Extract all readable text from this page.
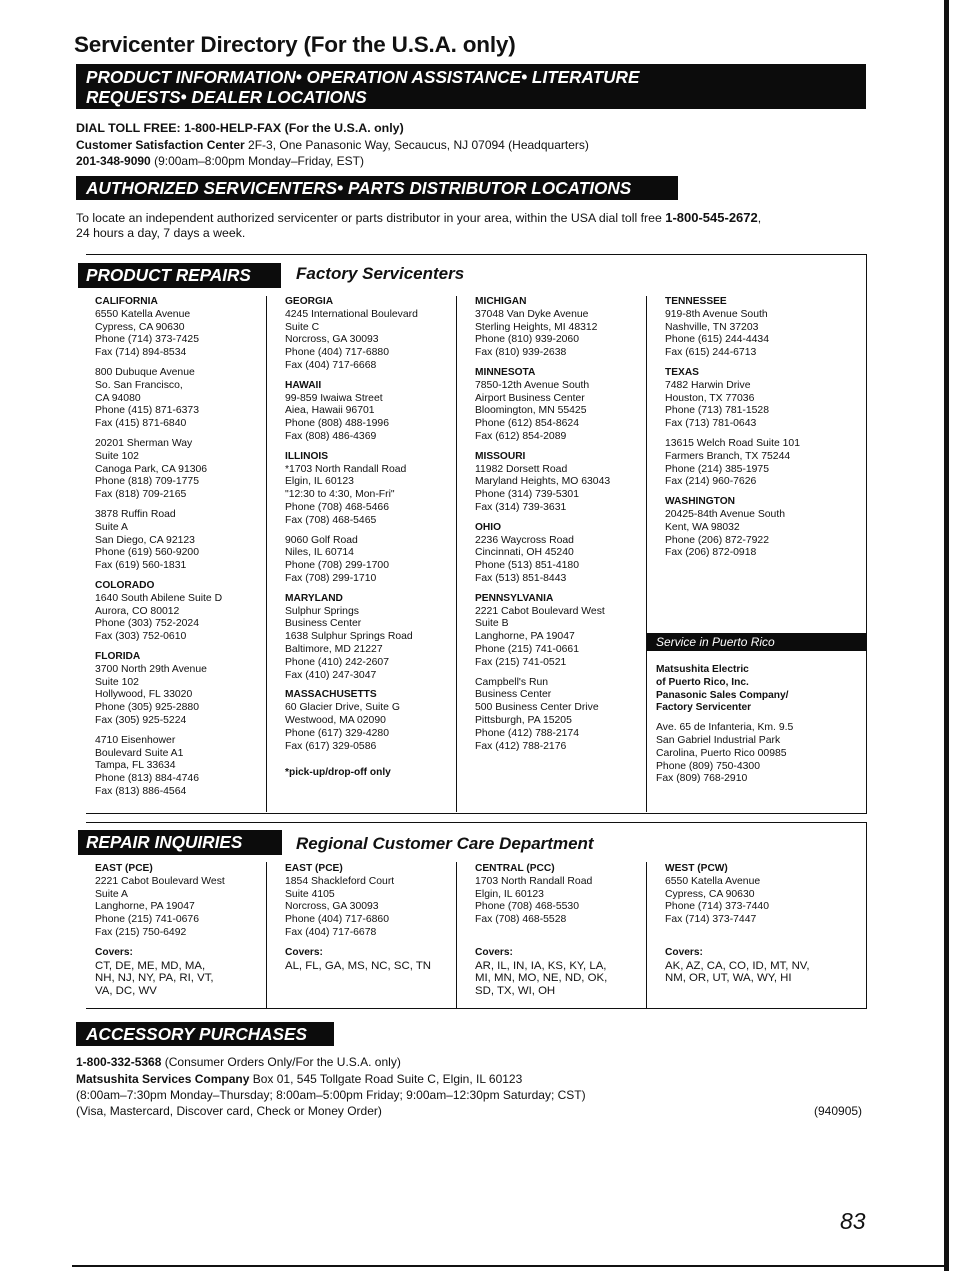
Servicenter Directory (For the U.S.A. only)
PRODUCT INFORMATION• OPERATION ASSISTANCE• LITERATURE
REQUESTS• DEALER LOCATIONS
DIAL TOLL FREE: 1-800-HELP-FAX (For the U.S.A. only)
Customer Satisfaction Center 2F-3, One Panasonic Way, Secaucus, NJ 07094 (Headquarters)
201-348-9090 (9:00am–8:00pm Monday–Friday, EST)
AUTHORIZED SERVICENTERS• PARTS DISTRIBUTOR LOCATIONS
To locate an independent authorized servicenter or parts distributor in your area, within the USA dial toll free 1-800-545-2672,
24 hours a day, 7 days a week.
PRODUCT REPAIRS	Factory Servicenters
CALIFORNIA
6550 Katella Avenue
Cypress, CA 90630
Phone (714) 373-7425
Fax (714) 894-8534
800 Dubuque Avenue
So. San Francisco,
CA 94080
Phone (415) 871-6373
Fax (415) 871-6840
20201 Sherman Way
Suite 102
Canoga Park, CA 91306
Phone (818) 709-1775
Fax (818) 709-2165
3878 Ruffin Road
Suite A
San Diego, CA 92123
Phone (619) 560-9200
Fax (619) 560-1831
COLORADO
1640 South Abilene Suite D
Aurora, CO 80012
Phone (303) 752-2024
Fax (303) 752-0610
FLORIDA
3700 North 29th Avenue
Suite 102
Hollywood, FL 33020
Phone (305) 925-2880
Fax (305) 925-5224
4710 Eisenhower
Boulevard Suite A1
Tampa, FL 33634
Phone (813) 884-4746
Fax (813) 886-4564
GEORGIA
4245 International Boulevard
Suite C
Norcross, GA 30093
Phone (404) 717-6880
Fax (404) 717-6668
HAWAII
99-859 Iwaiwa Street
Aiea, Hawaii 96701
Phone (808) 488-1996
Fax (808) 486-4369
ILLINOIS
*1703 North Randall Road
Elgin, IL 60123
"12:30 to 4:30, Mon-Fri"
Phone (708) 468-5466
Fax (708) 468-5465
9060 Golf Road
Niles, IL 60714
Phone (708) 299-1700
Fax (708) 299-1710
MARYLAND
Sulphur Springs
Business Center
1638 Sulphur Springs Road
Baltimore, MD 21227
Phone (410) 242-2607
Fax (410) 247-3047
MASSACHUSETTS
60 Glacier Drive, Suite G
Westwood, MA 02090
Phone (617) 329-4280
Fax (617) 329-0586
*pick-up/drop-off only
MICHIGAN
37048 Van Dyke Avenue
Sterling Heights, MI 48312
Phone (810) 939-2060
Fax (810) 939-2638
MINNESOTA
7850-12th Avenue South
Airport Business Center
Bloomington, MN 55425
Phone (612) 854-8624
Fax (612) 854-2089
MISSOURI
11982 Dorsett Road
Maryland Heights, MO 63043
Phone (314) 739-5301
Fax (314) 739-3631
OHIO
2236 Waycross Road
Cincinnati, OH 45240
Phone (513) 851-4180
Fax (513) 851-8443
PENNSYLVANIA
2221 Cabot Boulevard West
Suite B
Langhorne, PA 19047
Phone (215) 741-0661
Fax (215) 741-0521
Campbell's Run
Business Center
500 Business Center Drive
Pittsburgh, PA 15205
Phone (412) 788-2174
Fax (412) 788-2176
TENNESSEE
919-8th Avenue South
Nashville, TN 37203
Phone (615) 244-4434
Fax (615) 244-6713
TEXAS
7482 Harwin Drive
Houston, TX 77036
Phone (713) 781-1528
Fax (713) 781-0643
13615 Welch Road Suite 101
Farmers Branch, TX 75244
Phone (214) 385-1975
Fax (214) 960-7626
WASHINGTON
20425-84th Avenue South
Kent, WA 98032
Phone (206) 872-7922
Fax (206) 872-0918
Service in Puerto Rico
Matsushita Electric
of Puerto Rico, Inc.
Panasonic Sales Company/
Factory Servicenter
Ave. 65 de Infanteria, Km. 9.5
San Gabriel Industrial Park
Carolina, Puerto Rico 00985
Phone (809) 750-4300
Fax (809) 768-2910
REPAIR INQUIRIES	Regional Customer Care Department
EAST (PCE)
2221 Cabot Boulevard West
Suite A
Langhorne, PA 19047
Phone (215) 741-0676
Fax (215) 750-6492
Covers:
CT, DE, ME, MD, MA,
NH, NJ, NY, PA, RI, VT,
VA, DC, WV
EAST (PCE)
1854 Shackleford Court
Suite 4105
Norcross, GA 30093
Phone (404) 717-6860
Fax (404) 717-6678
Covers:
AL, FL, GA, MS, NC, SC, TN
CENTRAL (PCC)
1703 North Randall Road
Elgin, IL 60123
Phone (708) 468-5530
Fax (708) 468-5528
Covers:
AR, IL, IN, IA, KS, KY, LA,
MI, MN, MO, NE, ND, OK,
SD, TX, WI, OH
WEST (PCW)
6550 Katella Avenue
Cypress, CA 90630
Phone (714) 373-7440
Fax (714) 373-7447
Covers:
AK, AZ, CA, CO, ID, MT, NV,
NM, OR, UT, WA, WY, HI
ACCESSORY PURCHASES
1-800-332-5368 (Consumer Orders Only/For the U.S.A. only)
Matsushita Services Company Box 01, 545 Tollgate Road Suite C, Elgin, IL 60123
(8:00am–7:30pm Monday–Thursday; 8:00am–5:00pm Friday; 9:00am–12:30pm Saturday; CST)
(Visa, Mastercard, Discover card, Check or Money Order)	(940905)
83
